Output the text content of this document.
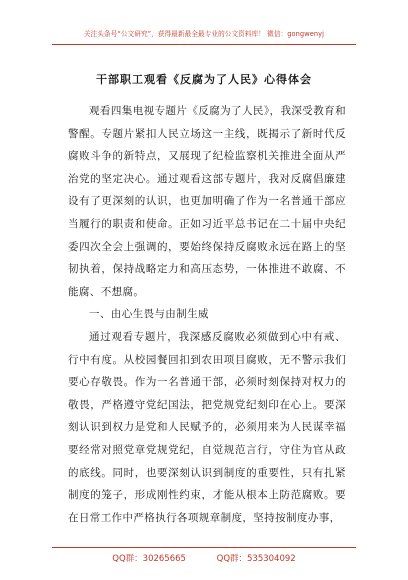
关注头条号“公文研究”，获得最新最全最专业的公文资料库！ 微信：gongwenyj
干部职工观看《反腐为了人民》心得体会

观看四集电视专题片《反腐为了人民》，我深受教育和警醒。专题片紧扣人民立场这一主线，既揭示了新时代反腐败斗争的新特点，又展现了纪检监察机关推进全面从严治党的坚定决心。通过观看这部专题片，我对反腐倡廉建设有了更深刻的认识，也更加明确了作为一名普通干部应当履行的职责和使命。正如习近平总书记在二十届中央纪委四次全会上强调的，要始终保持反腐败永远在路上的坚韧执着，保持战略定力和高压态势，一体推进不敢腐、不能腐、不想腐。

一、由心生畏与由制生威

通过观看专题片，我深感反腐败必须做到心中有戒、行中有度。从校园餐回扣到农田项目腐败，无不警示我们要心存敬畏。作为一名普通干部，必须时刻保持对权力的敬畏，严格遵守党纪国法，把党规党纪刻印在心上。要深刻认识到权力是党和人民赋予的，必须用来为人民谋幸福要经常对照党章党规党纪，自觉规范言行，守住为官从政的底线。同时，也要深刻认识到制度的重要性，只有扎紧制度的笼子，形成刚性约束，才能从根本上防范腐败。要在日常工作中严格执行各项规章制度，坚持按制度办事，

QQ群：30265665	QQ群：535304092
